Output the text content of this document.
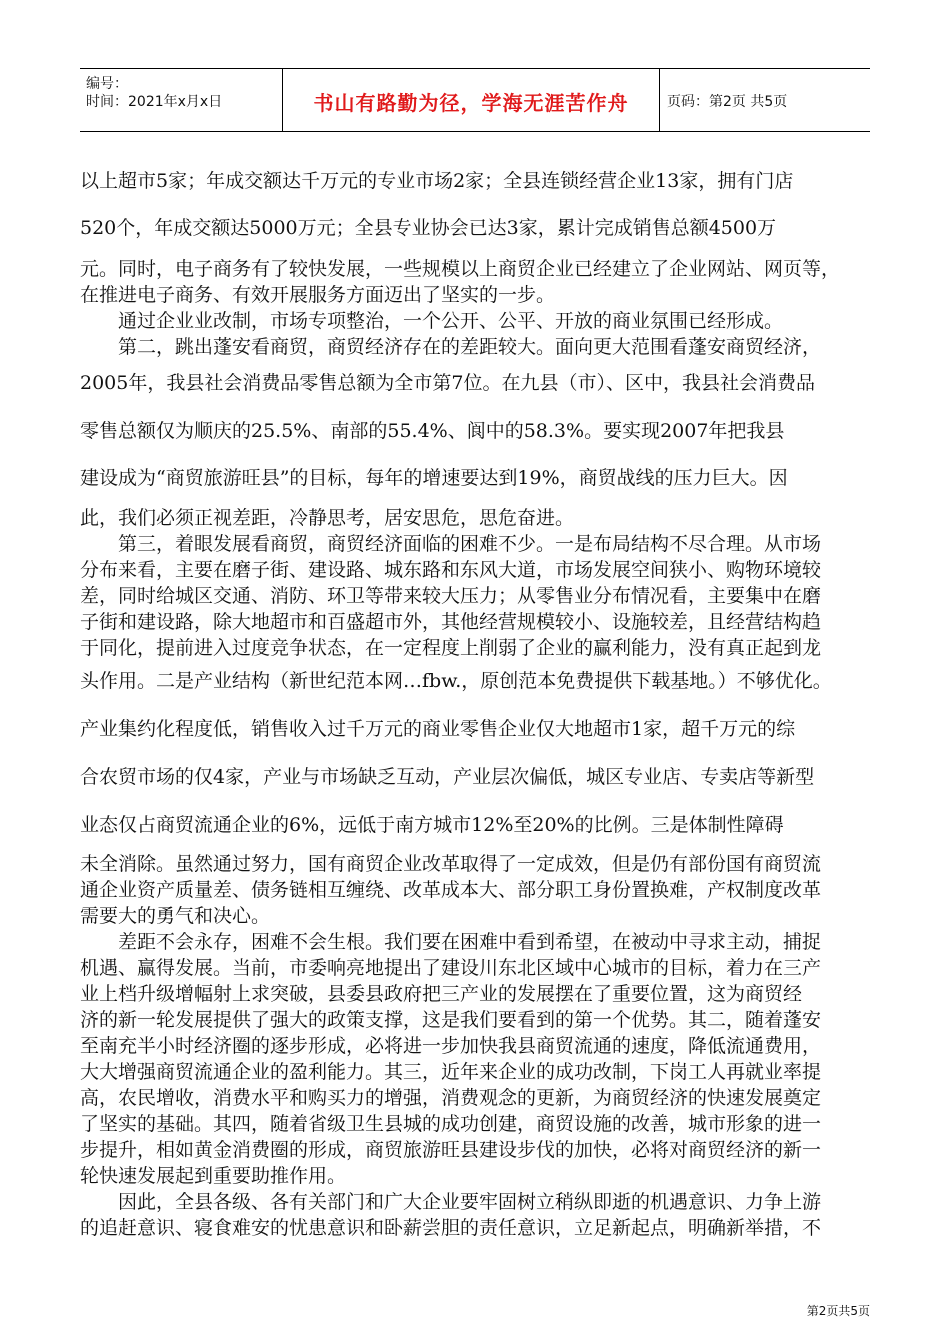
编号：
时间：2021年x月x日	书山有路勤为径，学海无涯苦作舟	页码：第2页 共5页
以上超市5家；年成交额达千万元的专业市场2家；全县连锁经营企业13家，拥有门店
520个，年成交额达5000万元；全县专业协会已达3家，累计完成销售总额4500万
元。同时，电子商务有了较快发展，一些规模以上商贸企业已经建立了企业网站、网页等，
在推进电子商务、有效开展服务方面迈出了坚实的一步。
通过企业业改制，市场专项整治，一个公开、公平、开放的商业氛围已经形成。
第二，跳出蓬安看商贸，商贸经济存在的差距较大。面向更大范围看蓬安商贸经济，
2005年，我县社会消费品零售总额为全市第7位。在九县（市）、区中，我县社会消费品
零售总额仅为顺庆的25.5%、南部的55.4%、阆中的58.3%。要实现2007年把我县
建设成为“商贸旅游旺县”的目标，每年的增速要达到19%，商贸战线的压力巨大。因
此，我们必须正视差距，冷静思考，居安思危，思危奋进。
第三，着眼发展看商贸，商贸经济面临的困难不少。一是布局结构不尽合理。从市场
分布来看，主要在磨子街、建设路、城东路和东风大道，市场发展空间狭小、购物环境较
差，同时给城区交通、消防、环卫等带来较大压力；从零售业分布情况看，主要集中在磨
子街和建设路，除大地超市和百盛超市外，其他经营规模较小、设施较差，且经营结构趋
于同化，提前进入过度竞争状态，在一定程度上削弱了企业的赢利能力，没有真正起到龙
头作用。二是产业结构（新世纪范本网…fbw.，原创范本免费提供下载基地。）不够优化。
产业集约化程度低，销售收入过千万元的商业零售企业仅大地超市1家，超千万元的综
合农贸市场的仅4家，产业与市场缺乏互动，产业层次偏低，城区专业店、专卖店等新型
业态仅占商贸流通企业的6%，远低于南方城市12%至20%的比例。三是体制性障碍
未全消除。虽然通过努力，国有商贸企业改革取得了一定成效，但是仍有部份国有商贸流
通企业资产质量差、债务链相互缠绕、改革成本大、部分职工身份置换难，产权制度改革
需要大的勇气和决心。
差距不会永存，困难不会生根。我们要在困难中看到希望，在被动中寻求主动，捕捉
机遇、赢得发展。当前，市委响亮地提出了建设川东北区域中心城市的目标，着力在三产
业上档升级增幅射上求突破，县委县政府把三产业的发展摆在了重要位置，这为商贸经
济的新一轮发展提供了强大的政策支撑，这是我们要看到的第一个优势。其二，随着蓬安
至南充半小时经济圈的逐步形成，必将进一步加快我县商贸流通的速度，降低流通费用，
大大增强商贸流通企业的盈利能力。其三，近年来企业的成功改制，下岗工人再就业率提
高，农民增收，消费水平和购买力的增强，消费观念的更新，为商贸经济的快速发展奠定
了坚实的基础。其四，随着省级卫生县城的成功创建，商贸设施的改善，城市形象的进一
步提升，相如黄金消费圈的形成，商贸旅游旺县建设步伐的加快，必将对商贸经济的新一
轮快速发展起到重要助推作用。
因此，全县各级、各有关部门和广大企业要牢固树立稍纵即逝的机遇意识、力争上游
的追赶意识、寝食难安的忧患意识和卧薪尝胆的责任意识，立足新起点，明确新举措，不
第2页共5页
